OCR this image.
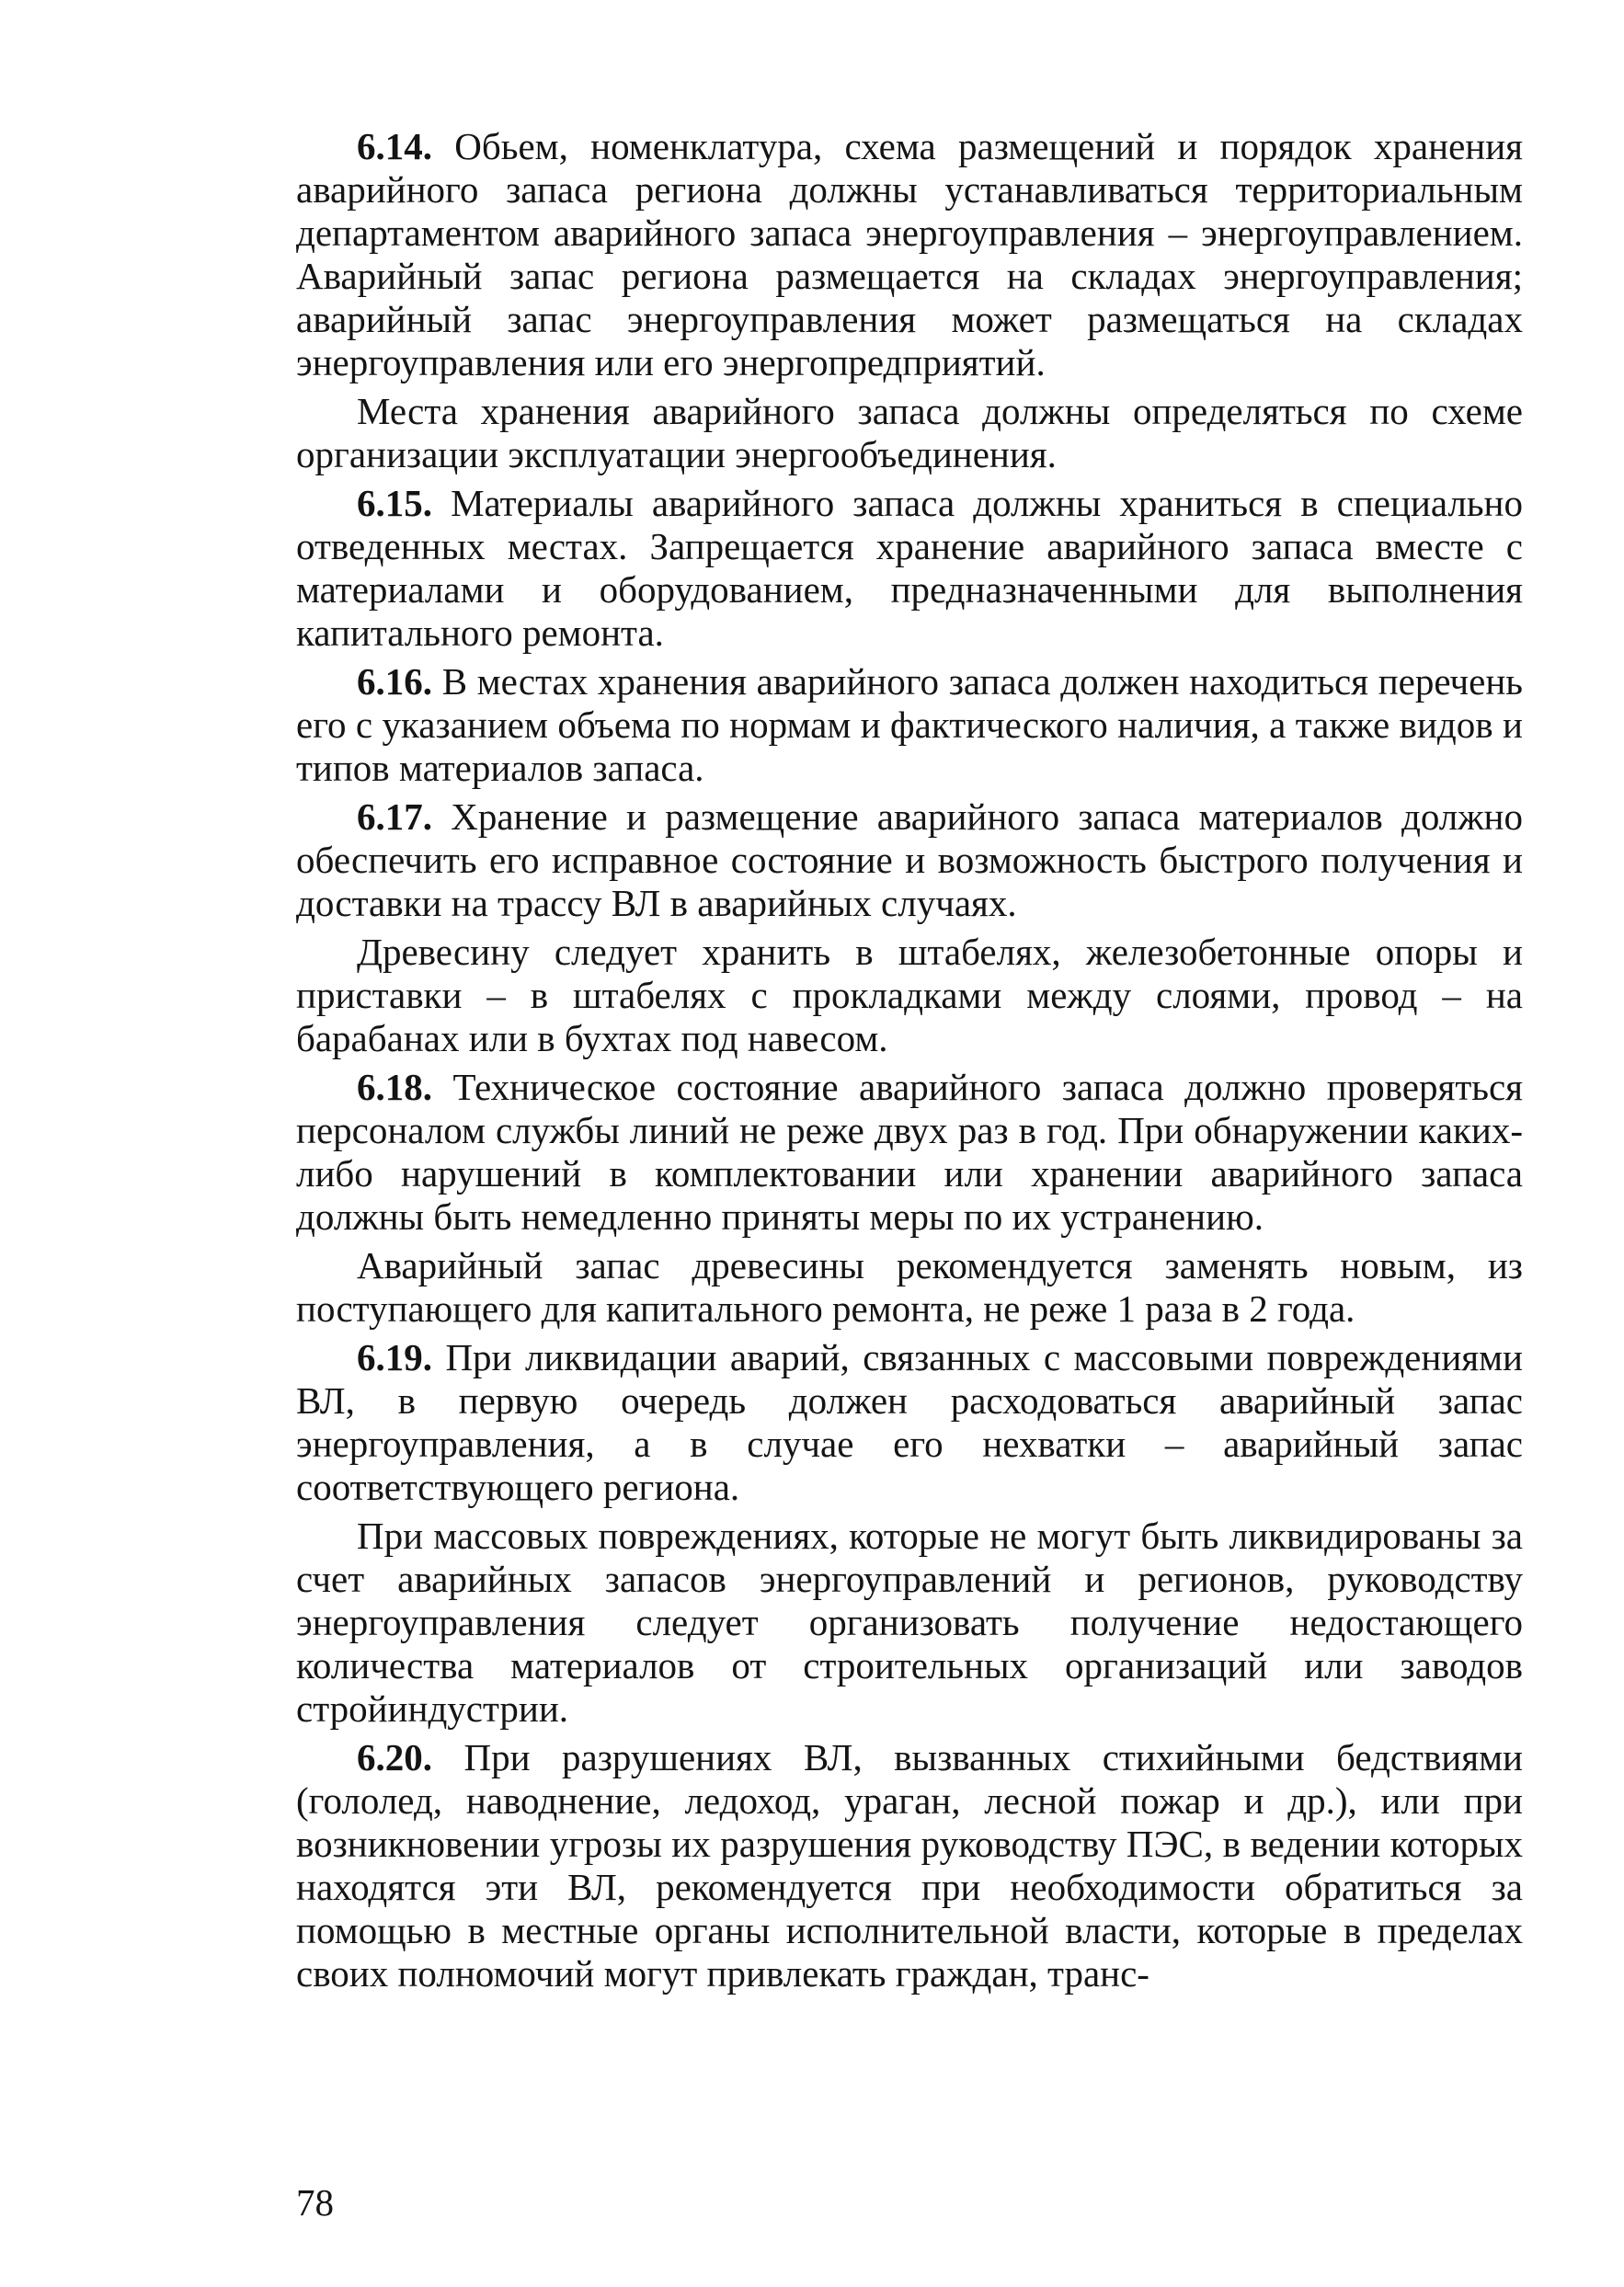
6.14. Обьем, номенклатура, схема размещений и порядок хранения аварийного запаса региона должны устанавливаться территориальным департаментом аварийного запаса энергоуправления – энергоуправлением. Аварийный запас региона размещается на складах энергоуправления; аварийный запас энергоуправления может размещаться на складах энергоуправления или его энергопредприятий.

Места хранения аварийного запаса должны определяться по схеме организации эксплуатации энергообъединения.

6.15. Материалы аварийного запаса должны храниться в специально отведенных местах. Запрещается хранение аварийного запаса вместе с материалами и оборудованием, предназначенными для выполнения капитального ремонта.

6.16. В местах хранения аварийного запаса должен находиться перечень его с указанием объема по нормам и фактического наличия, а также видов и типов материалов запаса.

6.17. Хранение и размещение аварийного запаса материалов должно обеспечить его исправное состояние и возможность быстрого получения и доставки на трассу ВЛ в аварийных случаях.

Древесину следует хранить в штабелях, железобетонные опоры и приставки – в штабелях с прокладками между слоями, провод – на барабанах или в бухтах под навесом.

6.18. Техническое состояние аварийного запаса должно проверяться персоналом службы линий не реже двух раз в год. При обнаружении каких-либо нарушений в комплектовании или хранении аварийного запаса должны быть немедленно приняты меры по их устранению.

Аварийный запас древесины рекомендуется заменять новым, из поступающего для капитального ремонта, не реже 1 раза в 2 года.

6.19. При ликвидации аварий, связанных с массовыми повреждениями ВЛ, в первую очередь должен расходоваться аварийный запас энергоуправления, а в случае его нехватки – аварийный запас соответствующего региона.

При массовых повреждениях, которые не могут быть ликвидированы за счет аварийных запасов энергоуправлений и регионов, руководству энергоуправления следует организовать получение недостающего количества материалов от строительных организаций или заводов стройиндустрии.

6.20. При разрушениях ВЛ, вызванных стихийными бедствиями (гололед, наводнение, ледоход, ураган, лесной пожар и др.), или при возникновении угрозы их разрушения руководству ПЭС, в ведении которых находятся эти ВЛ, рекомендуется при необходимости обратиться за помощью в местные органы исполнительной власти, которые в пределах своих полномочий могут привлекать граждан, транс-

78
